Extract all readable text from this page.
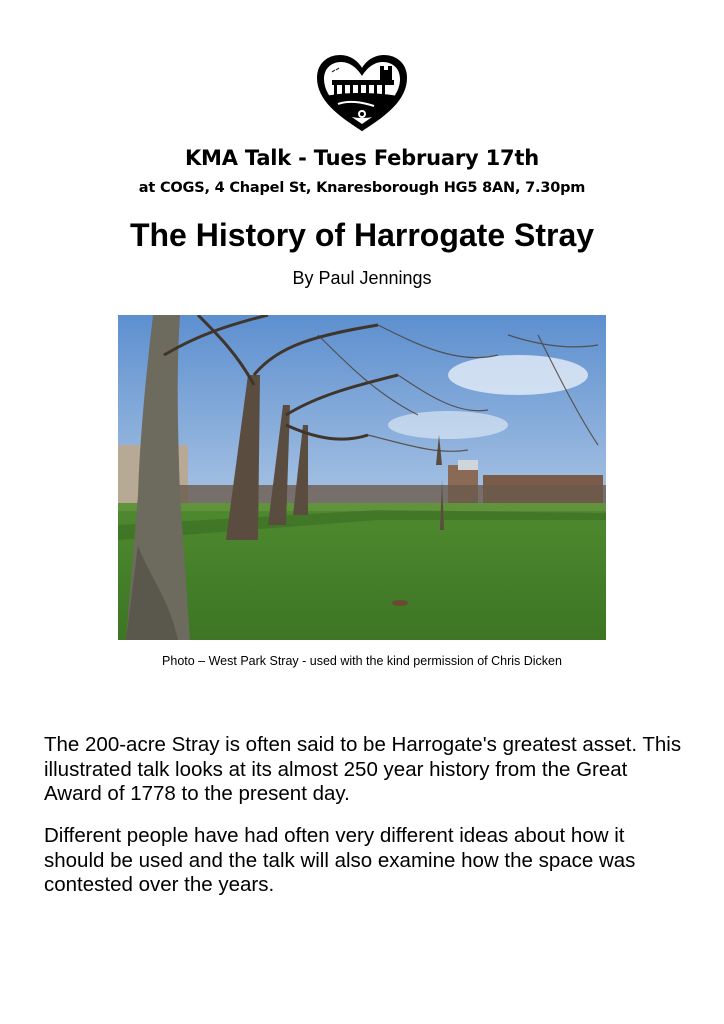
KMA Talk - Tues February 17th
at COGS, 4 Chapel St, Knaresborough HG5 8AN, 7.30pm
The History of Harrogate Stray
By Paul Jennings
Photo – West Park Stray - used with the kind permission of Chris Dicken

The 200-acre Stray is often said to be Harrogate's greatest asset. This illustrated talk looks at its almost 250 year history from the Great Award of 1778 to the present day.

Different people have had often very different ideas about how it should be used and the talk will also examine how the space was contested over the years.
